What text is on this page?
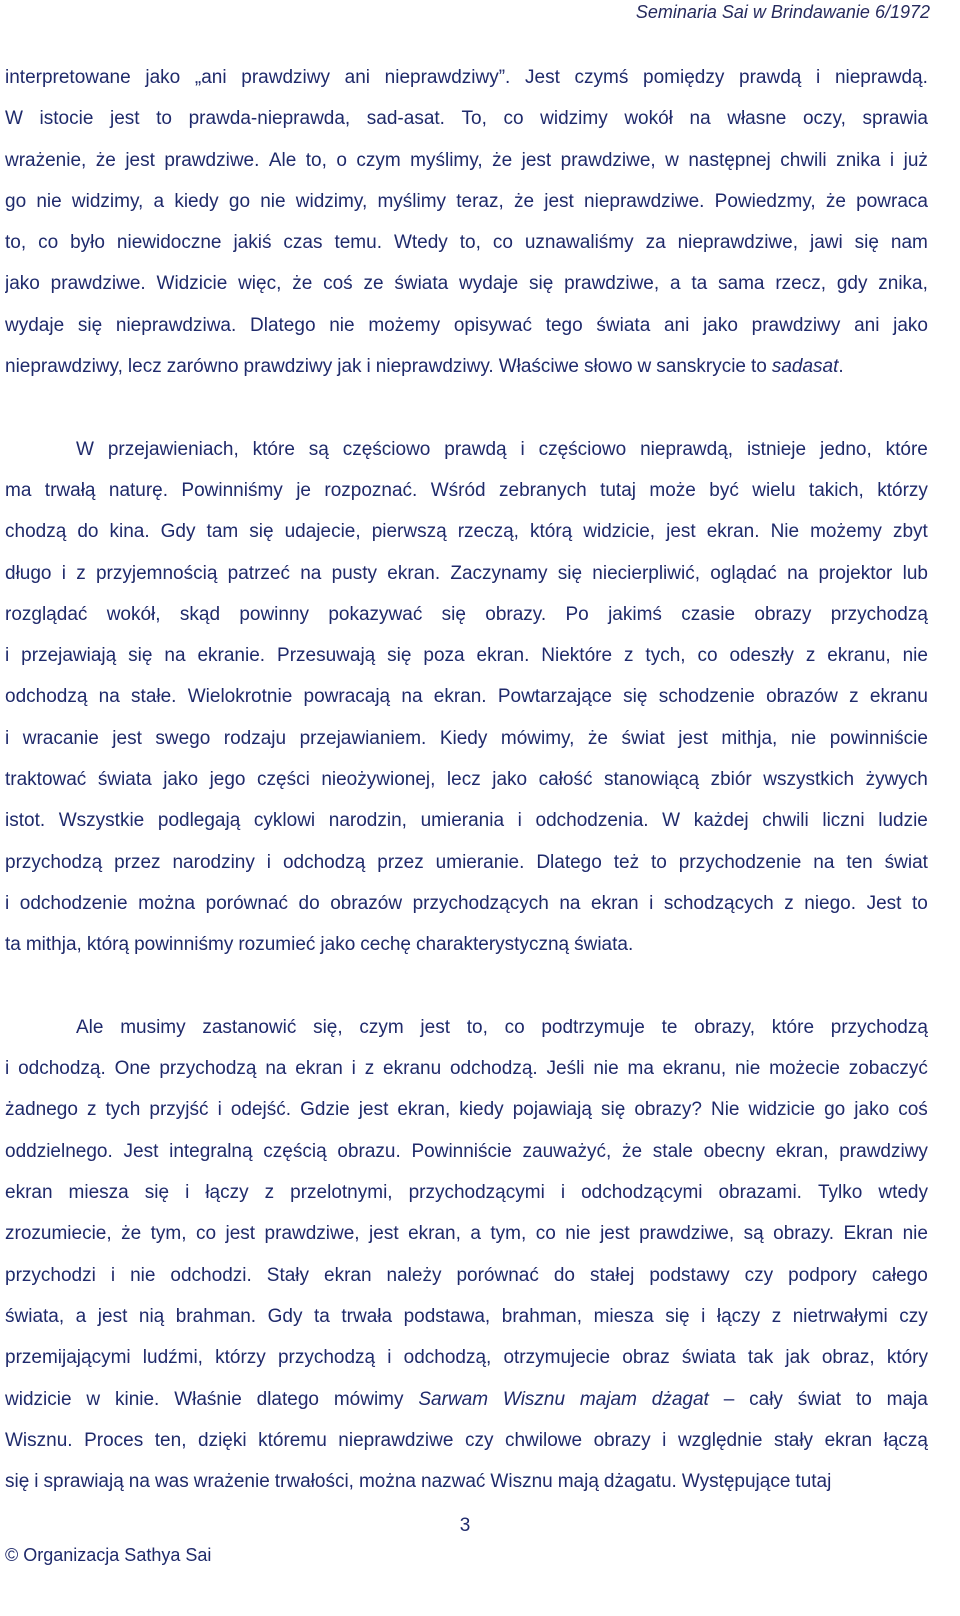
Seminaria Sai w Brindawanie 6/1972
interpretowane jako „ani prawdziwy ani nieprawdziwy”. Jest czymś pomiędzy prawdą i nieprawdą.
W istocie jest to prawda-nieprawda, sad-asat. To, co widzimy wokół na własne oczy, sprawia
wrażenie, że jest prawdziwe. Ale to, o czym myślimy, że jest prawdziwe, w następnej chwili znika i już
go nie widzimy, a kiedy go nie widzimy, myślimy teraz, że jest nieprawdziwe. Powiedzmy, że powraca
to, co było niewidoczne jakiś czas temu. Wtedy to, co uznawaliśmy za nieprawdziwe, jawi się nam
jako prawdziwe. Widzicie więc, że coś ze świata wydaje się prawdziwe, a ta sama rzecz, gdy znika,
wydaje się nieprawdziwa. Dlatego nie możemy opisywać tego świata ani jako prawdziwy ani jako
nieprawdziwy, lecz zarówno prawdziwy jak i nieprawdziwy. Właściwe słowo w sanskrycie to sadasat.
W przejawieniach, które są częściowo prawdą i częściowo nieprawdą, istnieje jedno, które
ma trwałą naturę. Powinniśmy je rozpoznać. Wśród zebranych tutaj może być wielu takich, którzy
chodzą do kina. Gdy tam się udajecie, pierwszą rzeczą, którą widzicie, jest ekran. Nie możemy zbyt
długo i z przyjemnością patrzeć na pusty ekran. Zaczynamy się niecierpliwić, oglądać na projektor lub
rozglądać wokół, skąd powinny pokazywać się obrazy. Po jakimś czasie obrazy przychodzą
i przejawiają się na ekranie. Przesuwają się poza ekran. Niektóre z tych, co odeszły z ekranu, nie
odchodzą na stałe. Wielokrotnie powracają na ekran. Powtarzające się schodzenie obrazów z ekranu
i wracanie jest swego rodzaju przejawianiem. Kiedy mówimy, że świat jest mithja, nie powinniście
traktować świata jako jego części nieożywionej, lecz jako całość stanowiącą zbiór wszystkich żywych
istot. Wszystkie podlegają cyklowi narodzin, umierania i odchodzenia. W każdej chwili liczni ludzie
przychodzą przez narodziny i odchodzą przez umieranie. Dlatego też to przychodzenie na ten świat
i odchodzenie można porównać do obrazów przychodzących na ekran i schodzących z niego. Jest to
ta mithja, którą powinniśmy rozumieć jako cechę charakterystyczną świata.
Ale musimy zastanowić się, czym jest to, co podtrzymuje te obrazy, które przychodzą
i odchodzą. One przychodzą na ekran i z ekranu odchodzą. Jeśli nie ma ekranu, nie możecie zobaczyć
żadnego z tych przyjść i odejść. Gdzie jest ekran, kiedy pojawiają się obrazy? Nie widzicie go jako coś
oddzielnego. Jest integralną częścią obrazu. Powinniście zauważyć, że stale obecny ekran, prawdziwy
ekran miesza się i łączy z przelotnymi, przychodzącymi i odchodzącymi obrazami. Tylko wtedy
zrozumiecie, że tym, co jest prawdziwe, jest ekran, a tym, co nie jest prawdziwe, są obrazy. Ekran nie
przychodzi i nie odchodzi. Stały ekran należy porównać do stałej podstawy czy podpory całego
świata, a jest nią brahman. Gdy ta trwała podstawa, brahman, miesza się i łączy z nietrwałymi czy
przemijającymi ludźmi, którzy przychodzą i odchodzą, otrzymujecie obraz świata tak jak obraz, który
widzicie w kinie. Właśnie dlatego mówimy Sarwam Wisznu majam dżagat – cały świat to maja
Wisznu. Proces ten, dzięki któremu nieprawdziwe czy chwilowe obrazy i względnie stały ekran łączą
się i sprawiają na was wrażenie trwałości, można nazwać Wisznu mają dżagatu. Występujące tutaj
3
© Organizacja Sathya Sai
